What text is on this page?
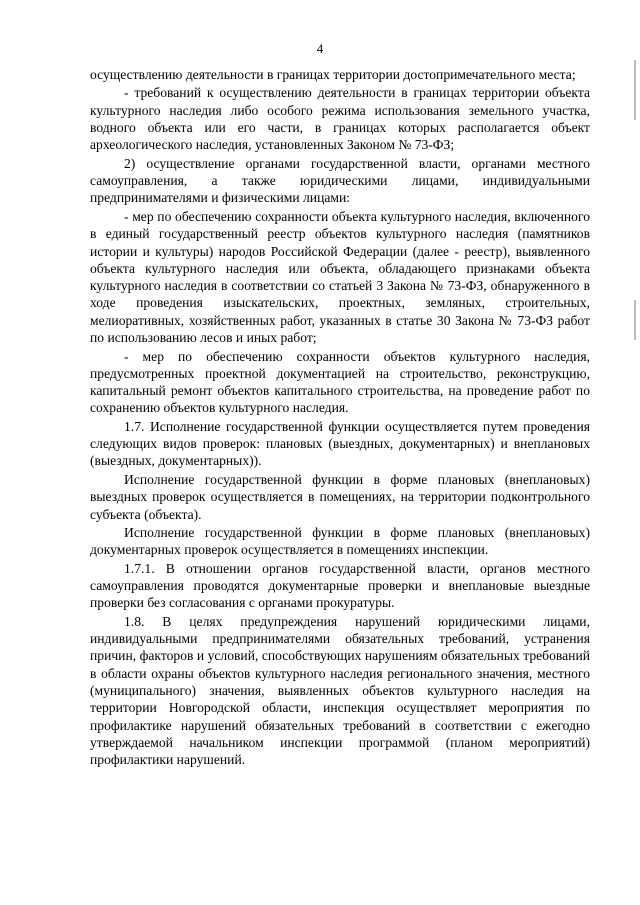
4

осуществлению деятельности в границах территории достопримечательного места;

- требований к осуществлению деятельности в границах территории объекта культурного наследия либо особого режима использования земельного участка, водного объекта или его части, в границах которых располагается объект археологического наследия, установленных Законом № 73-ФЗ;

2) осуществление органами государственной власти, органами местного самоуправления, а также юридическими лицами, индивидуальными предпринимателями и физическими лицами:

- мер по обеспечению сохранности объекта культурного наследия, включенного в единый государственный реестр объектов культурного наследия (памятников истории и культуры) народов Российской Федерации (далее - реестр), выявленного объекта культурного наследия или объекта, обладающего признаками объекта культурного наследия в соответствии со статьей 3 Закона № 73-ФЗ, обнаруженного в ходе проведения изыскательских, проектных, земляных, строительных, мелиоративных, хозяйственных работ, указанных в статье 30 Закона № 73-ФЗ работ по использованию лесов и иных работ;

- мер по обеспечению сохранности объектов культурного наследия, предусмотренных проектной документацией на строительство, реконструкцию, капитальный ремонт объектов капитального строительства, на проведение работ по сохранению объектов культурного наследия.

1.7. Исполнение государственной функции осуществляется путем проведения следующих видов проверок: плановых (выездных, документарных) и внеплановых (выездных, документарных)).

Исполнение государственной функции в форме плановых (внеплановых) выездных проверок осуществляется в помещениях, на территории подконтрольного субъекта (объекта).

Исполнение государственной функции в форме плановых (внеплановых) документарных проверок осуществляется в помещениях инспекции.

1.7.1. В отношении органов государственной власти, органов местного самоуправления проводятся документарные проверки и внеплановые выездные проверки без согласования с органами прокуратуры.

1.8. В целях предупреждения нарушений юридическими лицами, индивидуальными предпринимателями обязательных требований, устранения причин, факторов и условий, способствующих нарушениям обязательных требований в области охраны объектов культурного наследия регионального значения, местного (муниципального) значения, выявленных объектов культурного наследия на территории Новгородской области, инспекция осуществляет мероприятия по профилактике нарушений обязательных требований в соответствии с ежегодно утверждаемой начальником инспекции программой (планом мероприятий) профилактики нарушений.
